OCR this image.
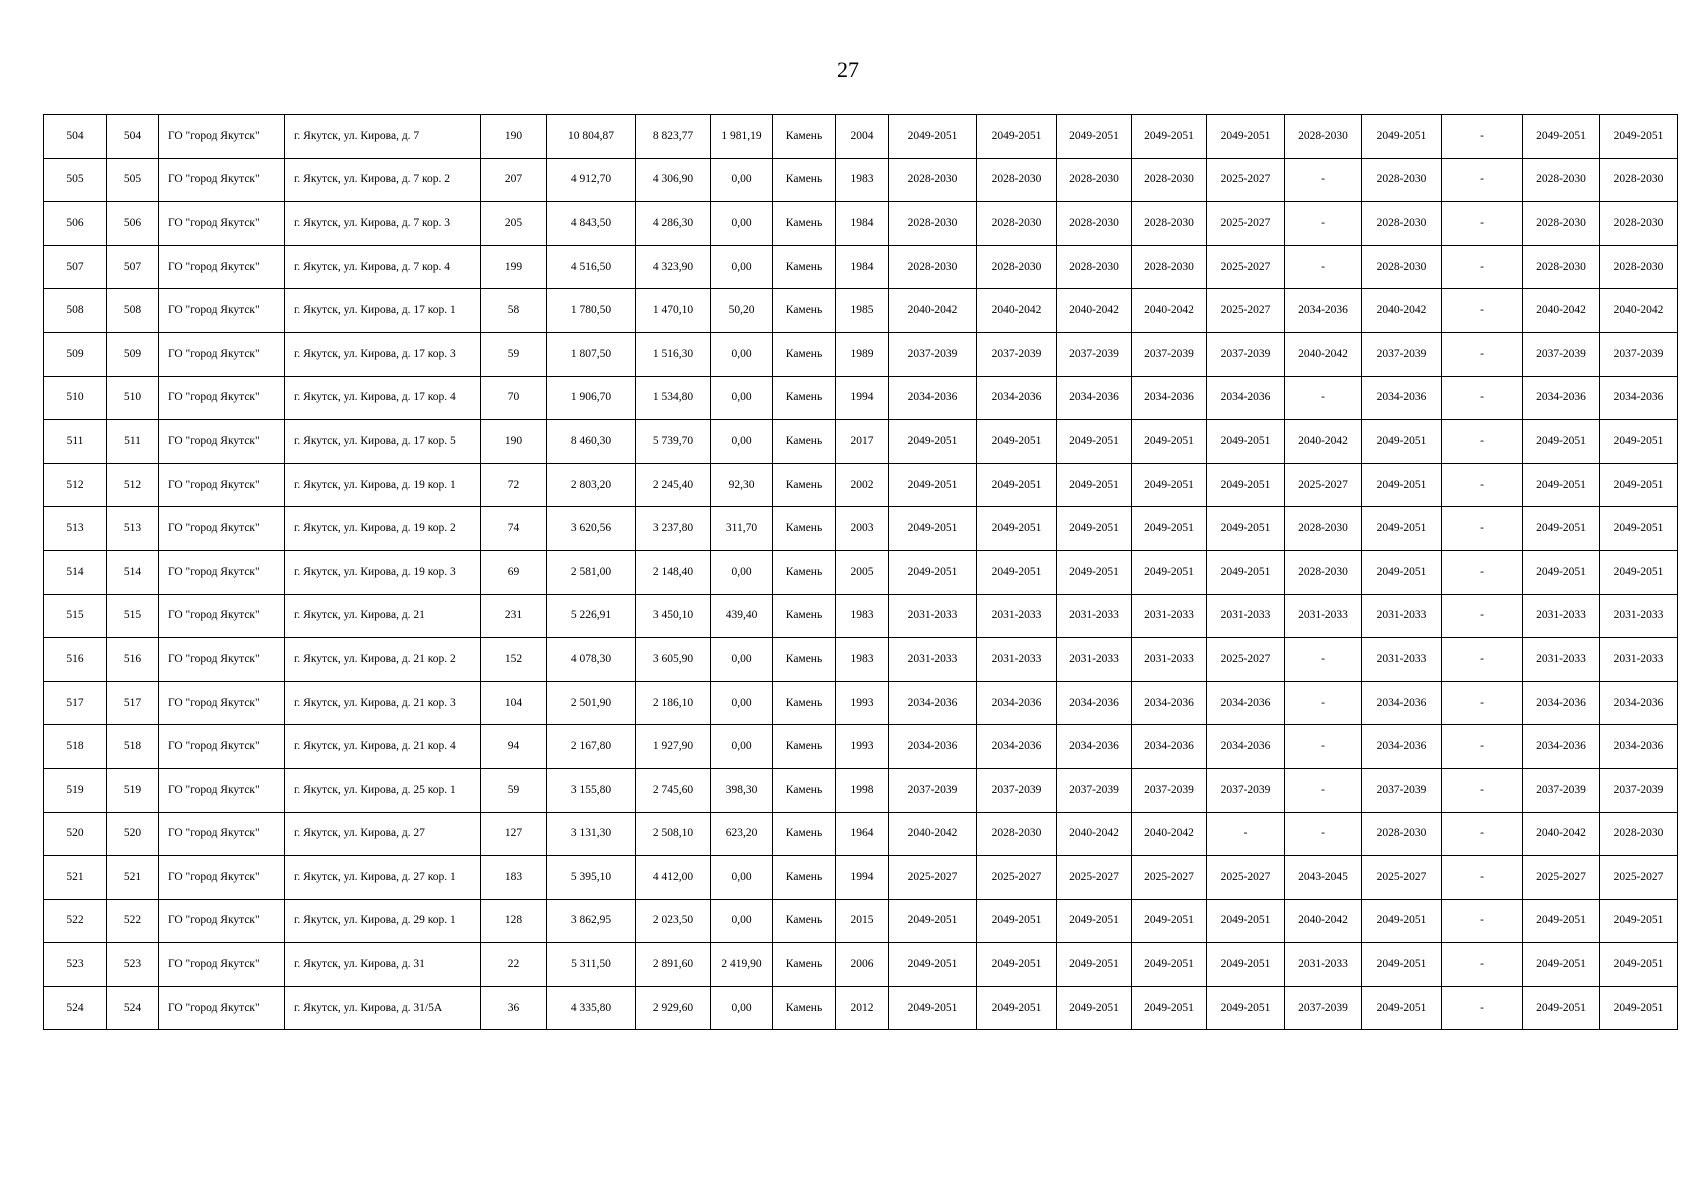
27
504	504	ГО "город Якутск"	г. Якутск, ул. Кирова, д. 7	190	10 804,87	8 823,77	1 981,19	Камень	2004	2049-2051	2049-2051	2049-2051	2049-2051	2049-2051	2028-2030	2049-2051	-	2049-2051	2049-2051
505	505	ГО "город Якутск"	г. Якутск, ул. Кирова, д. 7 кор. 2	207	4 912,70	4 306,90	0,00	Камень	1983	2028-2030	2028-2030	2028-2030	2028-2030	2025-2027	-	2028-2030	-	2028-2030	2028-2030
506	506	ГО "город Якутск"	г. Якутск, ул. Кирова, д. 7 кор. 3	205	4 843,50	4 286,30	0,00	Камень	1984	2028-2030	2028-2030	2028-2030	2028-2030	2025-2027	-	2028-2030	-	2028-2030	2028-2030
507	507	ГО "город Якутск"	г. Якутск, ул. Кирова, д. 7 кор. 4	199	4 516,50	4 323,90	0,00	Камень	1984	2028-2030	2028-2030	2028-2030	2028-2030	2025-2027	-	2028-2030	-	2028-2030	2028-2030
508	508	ГО "город Якутск"	г. Якутск, ул. Кирова, д. 17 кор. 1	58	1 780,50	1 470,10	50,20	Камень	1985	2040-2042	2040-2042	2040-2042	2040-2042	2025-2027	2034-2036	2040-2042	-	2040-2042	2040-2042
509	509	ГО "город Якутск"	г. Якутск, ул. Кирова, д. 17 кор. 3	59	1 807,50	1 516,30	0,00	Камень	1989	2037-2039	2037-2039	2037-2039	2037-2039	2037-2039	2040-2042	2037-2039	-	2037-2039	2037-2039
510	510	ГО "город Якутск"	г. Якутск, ул. Кирова, д. 17 кор. 4	70	1 906,70	1 534,80	0,00	Камень	1994	2034-2036	2034-2036	2034-2036	2034-2036	2034-2036	-	2034-2036	-	2034-2036	2034-2036
511	511	ГО "город Якутск"	г. Якутск, ул. Кирова, д. 17 кор. 5	190	8 460,30	5 739,70	0,00	Камень	2017	2049-2051	2049-2051	2049-2051	2049-2051	2049-2051	2040-2042	2049-2051	-	2049-2051	2049-2051
512	512	ГО "город Якутск"	г. Якутск, ул. Кирова, д. 19 кор. 1	72	2 803,20	2 245,40	92,30	Камень	2002	2049-2051	2049-2051	2049-2051	2049-2051	2049-2051	2025-2027	2049-2051	-	2049-2051	2049-2051
513	513	ГО "город Якутск"	г. Якутск, ул. Кирова, д. 19 кор. 2	74	3 620,56	3 237,80	311,70	Камень	2003	2049-2051	2049-2051	2049-2051	2049-2051	2049-2051	2028-2030	2049-2051	-	2049-2051	2049-2051
514	514	ГО "город Якутск"	г. Якутск, ул. Кирова, д. 19 кор. 3	69	2 581,00	2 148,40	0,00	Камень	2005	2049-2051	2049-2051	2049-2051	2049-2051	2049-2051	2028-2030	2049-2051	-	2049-2051	2049-2051
515	515	ГО "город Якутск"	г. Якутск, ул. Кирова, д. 21	231	5 226,91	3 450,10	439,40	Камень	1983	2031-2033	2031-2033	2031-2033	2031-2033	2031-2033	2031-2033	2031-2033	-	2031-2033	2031-2033
516	516	ГО "город Якутск"	г. Якутск, ул. Кирова, д. 21 кор. 2	152	4 078,30	3 605,90	0,00	Камень	1983	2031-2033	2031-2033	2031-2033	2031-2033	2025-2027	-	2031-2033	-	2031-2033	2031-2033
517	517	ГО "город Якутск"	г. Якутск, ул. Кирова, д. 21 кор. 3	104	2 501,90	2 186,10	0,00	Камень	1993	2034-2036	2034-2036	2034-2036	2034-2036	2034-2036	-	2034-2036	-	2034-2036	2034-2036
518	518	ГО "город Якутск"	г. Якутск, ул. Кирова, д. 21 кор. 4	94	2 167,80	1 927,90	0,00	Камень	1993	2034-2036	2034-2036	2034-2036	2034-2036	2034-2036	-	2034-2036	-	2034-2036	2034-2036
519	519	ГО "город Якутск"	г. Якутск, ул. Кирова, д. 25 кор. 1	59	3 155,80	2 745,60	398,30	Камень	1998	2037-2039	2037-2039	2037-2039	2037-2039	2037-2039	-	2037-2039	-	2037-2039	2037-2039
520	520	ГО "город Якутск"	г. Якутск, ул. Кирова, д. 27	127	3 131,30	2 508,10	623,20	Камень	1964	2040-2042	2028-2030	2040-2042	2040-2042	-	-	2028-2030	-	2040-2042	2028-2030
521	521	ГО "город Якутск"	г. Якутск, ул. Кирова, д. 27 кор. 1	183	5 395,10	4 412,00	0,00	Камень	1994	2025-2027	2025-2027	2025-2027	2025-2027	2025-2027	2043-2045	2025-2027	-	2025-2027	2025-2027
522	522	ГО "город Якутск"	г. Якутск, ул. Кирова, д. 29 кор. 1	128	3 862,95	2 023,50	0,00	Камень	2015	2049-2051	2049-2051	2049-2051	2049-2051	2049-2051	2040-2042	2049-2051	-	2049-2051	2049-2051
523	523	ГО "город Якутск"	г. Якутск, ул. Кирова, д. 31	22	5 311,50	2 891,60	2 419,90	Камень	2006	2049-2051	2049-2051	2049-2051	2049-2051	2049-2051	2031-2033	2049-2051	-	2049-2051	2049-2051
524	524	ГО "город Якутск"	г. Якутск, ул. Кирова, д. 31/5А	36	4 335,80	2 929,60	0,00	Камень	2012	2049-2051	2049-2051	2049-2051	2049-2051	2049-2051	2037-2039	2049-2051	-	2049-2051	2049-2051
